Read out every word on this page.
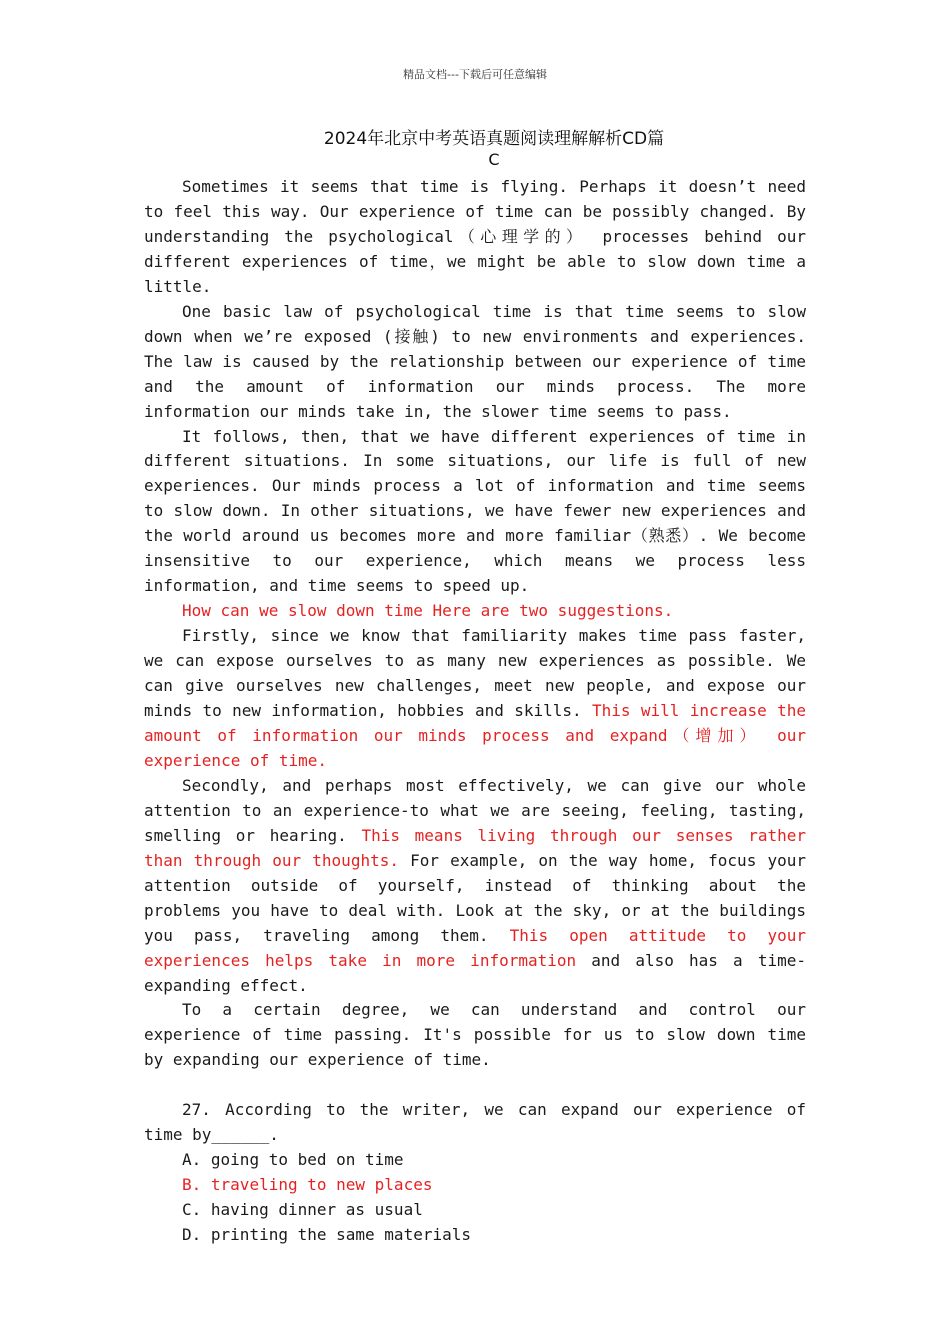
精品文档---下载后可任意编辑
2024年北京中考英语真题阅读理解解析CD篇
C

Sometimes it seems that time is flying. Perhaps it doesn’t need to feel this way. Our experience of time can be possibly changed. By understanding the psychological（心理学的） processes behind our different experiences of time，we might be able to slow down time a little.

One basic law of psychological time is that time seems to slow down when we’re exposed (接触) to new environments and experiences. The law is caused by the relationship between our experience of time and the amount of information our minds process. The more information our minds take in, the slower time seems to pass.

It follows, then, that we have different experiences of time in different situations. In some situations, our life is full of new experiences. Our minds process a lot of information and time seems to slow down. In other situations, we have fewer new experiences and the world around us becomes more and more familiar（熟悉）. We become insensitive to our experience, which means we process less information, and time seems to speed up.

How can we slow down time Here are two suggestions.

Firstly, since we know that familiarity makes time pass faster, we can expose ourselves to as many new experiences as possible. We can give ourselves new challenges, meet new people, and expose our minds to new information, hobbies and skills. This will increase the amount of information our minds process and expand（增加） our experience of time.

Secondly, and perhaps most effectively, we can give our whole attention to an experience-to what we are seeing, feeling, tasting, smelling or hearing. This means living through our senses rather than through our thoughts. For example, on the way home, focus your attention outside of yourself, instead of thinking about the problems you have to deal with. Look at the sky, or at the buildings you pass, traveling among them. This open attitude to your experiences helps take in more information and also has a time-expanding effect.

To a certain degree, we can understand and control our experience of time passing. It's possible for us to slow down time by expanding our experience of time.

27. According to the writer, we can expand our experience of time by______.

A. going to bed on time
B. traveling to new places
C. having dinner as usual
D. printing the same materials
